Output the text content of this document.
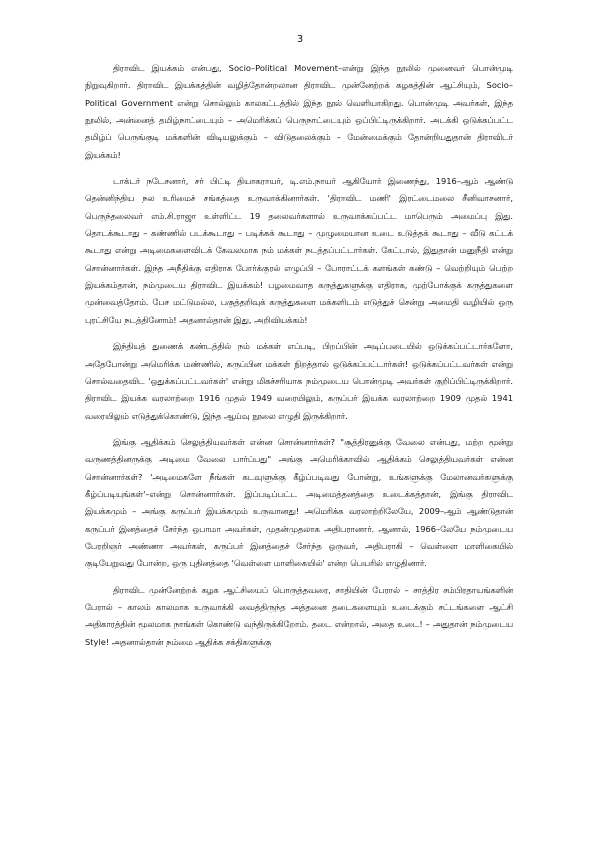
3

திராவிட இயக்கம் என்பது, Socio–Political Movement–என்று இந்த நூலில் முனைவர் பொன்முடி நிறுவுகிறார். திராவிட இயக்கத்தின் வழித்தோன்றலான திராவிட முன்னேற்றக் கழகத்தின் ஆட்சியும், Socio–Political Government என்று சொல்லும் காலகட்டத்தில் இந்த நூல் வெளியாகிறது. பொன்முடி அவர்கள், இந்த நூலில், அன்னைத் தமிழ்நாட்டையும் – அமெரிக்கப் பெருநாட்டையும் ஒப்பிட்டிருக்கிறார். அடக்கி ஒடுக்கப்பட்ட தமிழ்ப் பெருங்குடி மக்களின் விடியலுக்கும் – விடுதலைக்கும் – மேன்மைக்கும் தோன்றியதுதான் திராவிடர் இயக்கம்!

டாக்டர் நடேசனார், சர் பிட்டி தியாகராயர், டி.எம்.நாயர் ஆகியோர் இணைந்து, 1916–ஆம் ஆண்டு தென்னிந்திய நல உரிமைச் சங்கத்தை உருவாக்கினார்கள். 'திராவிட மணி' இரட்டைமலை சீனிவாசனார், பெருந்தலைவர் எம்.சி.ராஜா உள்ளிட்ட 19 தலைவர்களால் உருவாக்கப்பட்ட மாபெரும் அமைப்பு இது. தொடக்கூடாது – கண்ணில் படக்கூடாது – படிக்கக் கூடாது – முழுமையான உடை உடுத்தக் கூடாது – வீடு கட்டக் கூடாது என்று அடிமைகளைவிடக் கேவலமாக நம் மக்கள் நடத்தப்பட்டார்கள். கேட்டால், இதுதான் மனுநீதி என்று சொன்னார்கள். இந்த அநீதிக்கு எதிராக போர்க்குரல் எழுப்பி – போராட்டக் களங்கள் கண்டு – வெற்றியும் பெற்ற இயக்கம்தான், நம்முடைய திராவிட இயக்கம்! பழமைவாத கருத்துகளுக்கு எதிராக, முற்போக்குக் கருத்துகளை முன்வைத்தோம். பேச மட்டுமல்ல, பகுத்தறிவுக் கருத்துகளை மக்களிடம் எடுத்துச் சென்று அமைதி வழியில் ஒரு புரட்சியே நடத்தினோம்! அதனால்தான் இது, அறிவியக்கம்!

இந்தியத் துணைக் கண்டத்தில் நம் மக்கள் எப்படி, பிறப்பின் அடிப்படையில் ஒடுக்கப்பட்டார்களோ, அதேபோன்று அமெரிக்க மண்ணில், கருப்பின மக்கள் நிறத்தால் ஒடுக்கப்பட்டார்கள்! ஒடுக்கப்பட்டவர்கள் என்று சொல்வதைவிட 'ஒதுக்கப்பட்டவர்கள்' என்று மிகச்சரியாக நம்முடைய பொன்முடி அவர்கள் குறிப்பிட்டிருக்கிறார். திராவிட இயக்க வரலாற்றை 1916 முதல் 1949 வரையிலும், கருப்பர் இயக்க வரலாற்றை 1909 முதல் 1941 வரையிலும் எடுத்துக்கொண்டு, இந்த ஆய்வு நூலை எழுதி இருக்கிறார்.

இங்கு ஆதிக்கம் செலுத்தியவர்கள் என்ன சொன்னார்கள்? "சூத்திரனுக்கு வேலை என்பது, மற்ற மூன்று வருணத்தினருக்கு அடிமை வேலை பார்ப்பது" அங்கு அமெரிக்காவில் ஆதிக்கம் செலுத்தியவர்கள் என்ன சொன்னார்கள்? 'அடிமைகளே நீங்கள் கடவுளுக்கு கீழ்ப்படிவது போன்று, உங்களுக்கு மேலானவர்களுக்கு கீழ்ப்படியுங்கள்'–என்று சொன்னார்கள். இப்படிப்பட்ட அடிமைத்தனத்தை உடைக்கத்தான், இங்கு திராவிட இயக்கமும் – அங்கு கருப்பர் இயக்கமும் உருவானது! அமெரிக்க வரலாற்றிலேயே, 2009–ஆம் ஆண்டுதான் கருப்பர் இனத்தைச் சேர்ந்த ஒபாமா அவர்கள், முதன்முதலாக அதிபரானார். ஆனால், 1966–லேயே நம்முடைய பேரறிஞர் அண்ணா அவர்கள், கருப்பர் இனத்தைச் சேர்ந்த ஒருவர், அதிபராகி – வெள்ளை மாளிகையில் குடியேறுவது போன்ற, ஒரு புதினத்தை 'வெள்ளை மாளிகையில்' என்ற பெயரில் எழுதினார்.

திராவிட முன்னேற்றக் கழக ஆட்சியைப் பொருத்தவரை, சாதியின் பேரால் – சாத்திர சம்பிரதாயங்களின் பேரால் – காலம் காலமாக உருவாக்கி வைத்திருந்த அத்தனை தடைகளையும் உடைக்கும் சட்டங்களை ஆட்சி அதிகாரத்தின் மூலமாக நாங்கள் கொண்டு வந்திருக்கிறோம். தடை என்றால், அதை உடை! – அதுதான் நம்முடைய Style! அதனால்தான் நம்மை ஆதிக்க சக்திகளுக்கு
